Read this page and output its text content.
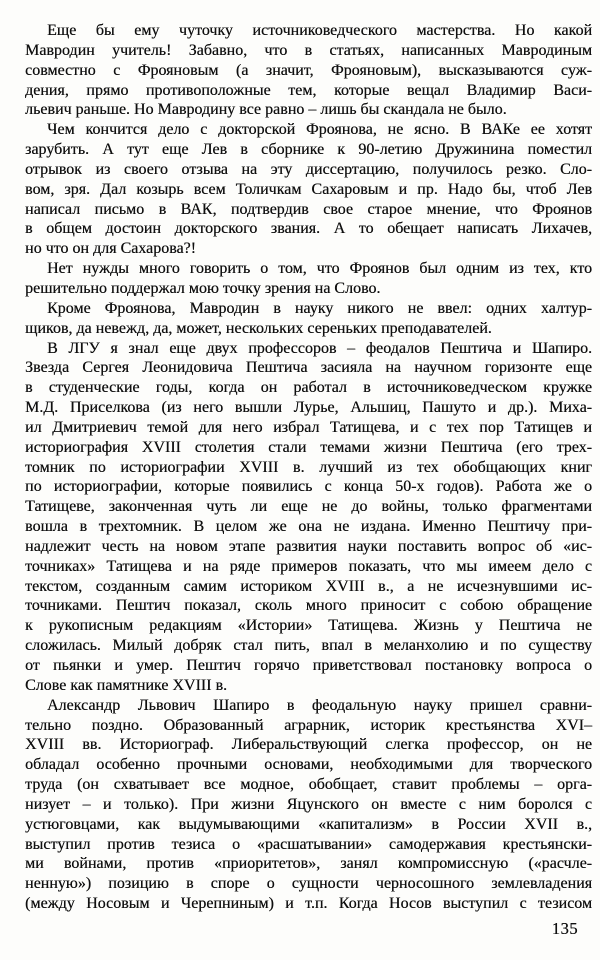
Еще бы ему чуточку источниковедческого мастерства. Но какой
Мавродин учитель! Забавно, что в статьях, написанных Мавродиным
совместно с Фрояновым (а значит, Фрояновым), высказываются суж-
дения, прямо противоположные тем, которые вещал Владимир Васи-
льевич раньше. Но Мавродину все равно – лишь бы скандала не было.

Чем кончится дело с докторской Фроянова, не ясно. В ВАКе ее хотят
зарубить. А тут еще Лев в сборнике к 90-летию Дружинина поместил
отрывок из своего отзыва на эту диссертацию, получилось резко. Сло-
вом, зря. Дал козырь всем Толичкам Сахаровым и пр. Надо бы, чтоб Лев
написал письмо в ВАК, подтвердив свое старое мнение, что Фроянов
в общем достоин докторского звания. А то обещает написать Лихачев,
но что он для Сахарова?!

Нет нужды много говорить о том, что Фроянов был одним из тех, кто
решительно поддержал мою точку зрения на Слово.

Кроме Фроянова, Мавродин в науку никого не ввел: одних халтур-
щиков, да невежд, да, может, нескольких сереньких преподавателей.

В ЛГУ я знал еще двух профессоров – феодалов Пештича и Шапиро.
Звезда Сергея Леонидовича Пештича засияла на научном горизонте еще
в студенческие годы, когда он работал в источниковедческом кружке
М.Д. Приселкова (из него вышли Лурье, Альшиц, Пашуто и др.). Миха-
ил Дмитриевич темой для него избрал Татищева, и с тех пор Татищев и
историография XVIII столетия стали темами жизни Пештича (его трех-
томник по историографии XVIII в. лучший из тех обобщающих книг
по историографии, которые появились с конца 50-х годов). Работа же о
Татищеве, законченная чуть ли еще не до войны, только фрагментами
вошла в трехтомник. В целом же она не издана. Именно Пештичу при-
надлежит честь на новом этапе развития науки поставить вопрос об «ис-
точниках» Татищева и на ряде примеров показать, что мы имеем дело с
текстом, созданным самим историком XVIII в., а не исчезнувшими ис-
точниками. Пештич показал, сколь много приносит с собою обращение
к рукописным редакциям «Истории» Татищева. Жизнь у Пештича не
сложилась. Милый добряк стал пить, впал в меланхолию и по существу
от пьянки и умер. Пештич горячо приветствовал постановку вопроса о
Слове как памятнике XVIII в.

Александр Львович Шапиро в феодальную науку пришел сравни-
тельно поздно. Образованный аграрник, историк крестьянства XVI–
XVIII вв. Историограф. Либеральствующий слегка профессор, он не
обладал особенно прочными основами, необходимыми для творческого
труда (он схватывает все модное, обобщает, ставит проблемы – орга-
низует – и только). При жизни Яцунского он вместе с ним боролся с
устюговцами, как выдумывающими «капитализм» в России XVII в.,
выступил против тезиса о «расшатывании» самодержавия крестьянски-
ми войнами, против «приоритетов», занял компромиссную («расчле-
ненную») позицию в споре о сущности черносошного землевладения
(между Носовым и Черепниным) и т.п. Когда Носов выступил с тезисом

135
